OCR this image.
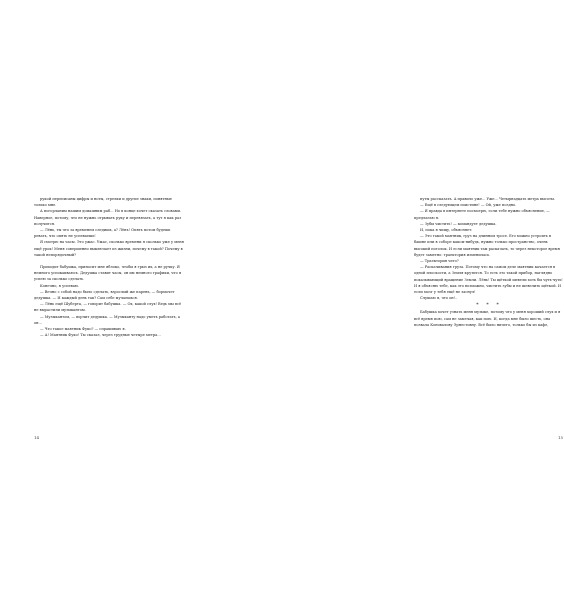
рукой переписаны цифры и ноты, стрелки и другие знаки, понятные только мне.

А погорланим нашим домашним раб... Но в конце хочет сказать словами. Наверное, потому, что не нужно отрывать руку и перевязать, а тут я как раз получится.

— Лёнь, ты что за временем следишь, а? Лёнь! Опять потом будешь ревать, что опять не успеваешь!

Я смотрю на часы. Это ужас. Ужас, сколько времени я сколько уже у меня ещё урок! Меня совершенно выключает из жизни, почему в такой? Почему в такой непорядочный?

Приходит бабушка, приносит мне яблоко, чтобы я грыз их, а не ручку. Я немного успокаиваюсь. Дедушка ставит часы, он им немного графики, что я успею за сколько сделать.

Конечно, я успеваю.

— Вечно с собой надо было сделать, взрослый же парень, — бормочет дедушка. — И каждый день так? Сам себе мучаешься.

— Лёнь ещё Шуберта, — говорит бабушка. — Ох, какой слух! Ведь мы всё не вырастили музыкантом.

— Музыкантом, — ворчит дедушка. — Музыканту надо уметь работать, а он...

— Что такое маятник Фуко? — спрашиваю я.

— А! Маятник Фуко! Ты сказал, через трудные четыре метра...

14

путы рассказать. А правило уже... Уже... Четырнадцать метра высоты.

— Ещё в следующем поистине! — Ой, уже поздно.

— Я правда в интернете посмотрю, если тебе нужно объяснение, — предлагаю я.

— Зубы чистить! — командует дедушка.

И, пока я чищу, объясняет:

— Это такой маятник, груз на длинном тросе. Его можно устроить в башне или в соборе каком-нибудь, нужно только пространство, очень высокий потолок. И если маятник там раскачать, то через некоторое время будет заметно: траектория изменилась.

— Траектория чего?

— Раскачивания груза. Потому что на самом деле маятник качается в одной плоскости, а Земля крутится. То есть это такой прибор, наглядно показывающий вращение Земли. Лёнь! Ты щёткой шевели хоть бы чуть-чуть! И я объясню тебе, как это возможно, чистить зубы и не шевелить щёткой. И если мозг у тебя ещё не заснул!

Слушаю я, что он!..

* * *

Бабушка хочет узнать меня музыке, потому что у меня хороший слух и я всё время пою, сам не замечая, как пою. И, когда мне было шесть, она позвала Коновалову Эрнестовну. Всё было ничего, только бы из кафе,

15
